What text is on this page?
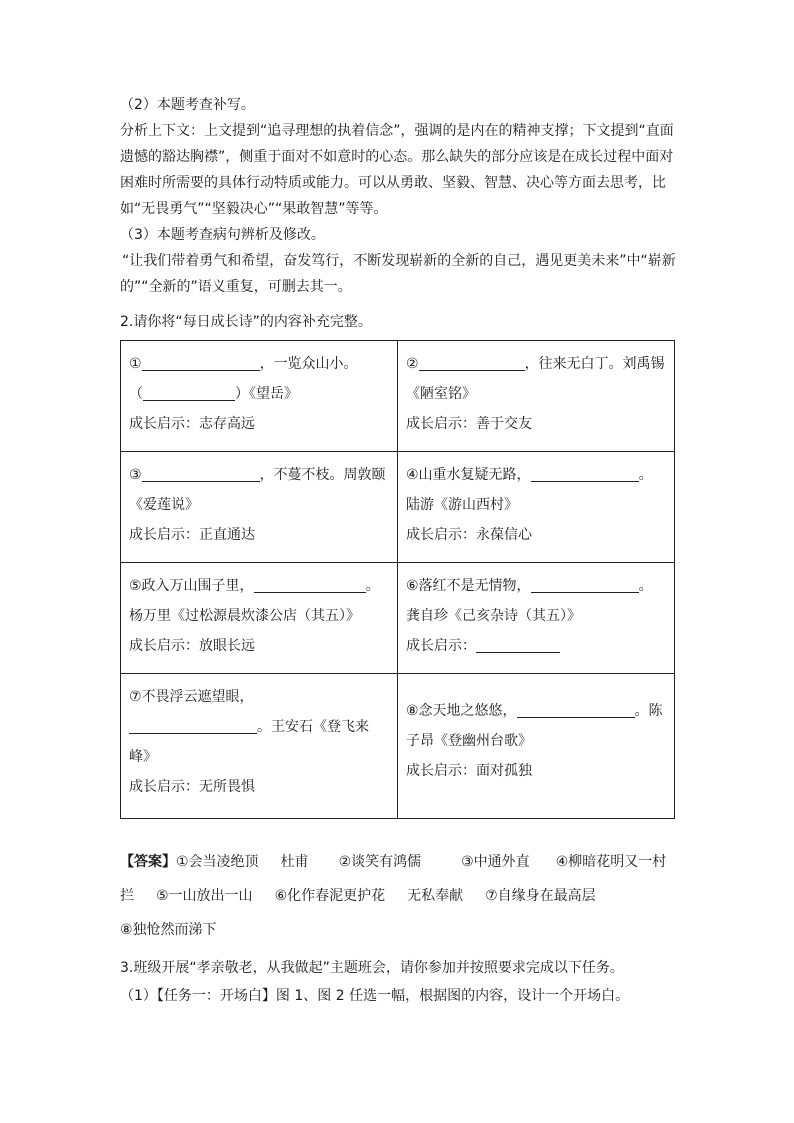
（2）本题考查补写。

分析上下文：上文提到“追寻理想的执着信念”，强调的是内在的精神支撑；下文提到“直面遗憾的豁达胸襟”，侧重于面对不如意时的心态。那么缺失的部分应该是在成长过程中面对困难时所需要的具体行动特质或能力。可以从勇敢、坚毅、智慧、决心等方面去思考，比如“无畏勇气”“坚毅决心”“果敢智慧”等等。

（3）本题考查病句辨析及修改。

“让我们带着勇气和希望，奋发笃行，不断发现崭新的全新的自己，遇见更美未来”中“崭新的”“全新的”语义重复，可删去其一。

2.请你将“每日成长诗”的内容补充完整。

① ，一览众山小。
（ ）《望岳》
成长启示：志存高远	② ，往来无白丁。刘禹锡《陋室铭》
成长启示：善于交友
③ ，不蔓不枝。周敦颐《爱莲说》
成长启示：正直通达	④山重水复疑无路， 。陆游《游山西村》
成长启示：永葆信心
⑤政入万山围子里， 。杨万里《过松源晨炊漆公店（其五）》
成长启示：放眼长远	⑥落红不是无情物， 。龚自珍《己亥杂诗（其五）》
成长启示：
⑦不畏浮云遮望眼，
。王安石《登飞来峰》
成长启示：无所畏惧	⑧念天地之悠悠， 。陈子昂《登幽州台歌》
成长启示：面对孤独

【答案】①会当凌绝顶 杜甫 ②谈笑有鸿儒	③中通外直 ④柳暗花明又一村拦 ⑤一山放出一山 ⑥化作春泥更护花 无私奉献 ⑦自缘身在最高层
⑧独怆然而涕下

3.班级开展“孝亲敬老，从我做起”主题班会，请你参加并按照要求完成以下任务。

（1）【任务一：开场白】图 1、图 2 任选一幅，根据图的内容，设计一个开场白。
